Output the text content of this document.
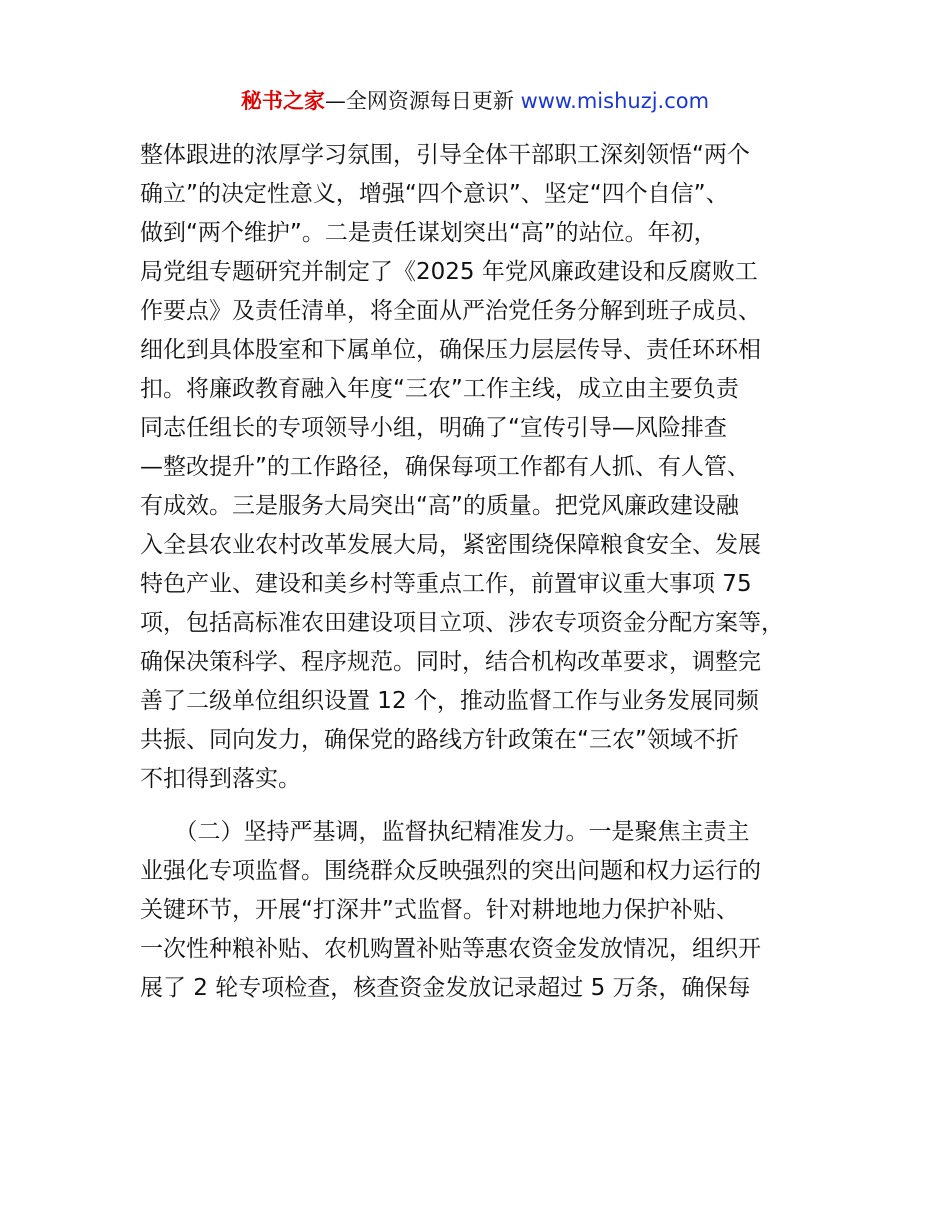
秘书之家—全网资源每日更新 www.mishuzj.com
整体跟进的浓厚学习氛围，引导全体干部职工深刻领悟“两个
确立”的决定性意义，增强“四个意识”、坚定“四个自信”、
做到“两个维护”。二是责任谋划突出“高”的站位。年初，
局党组专题研究并制定了《2025 年党风廉政建设和反腐败工
作要点》及责任清单，将全面从严治党任务分解到班子成员、
细化到具体股室和下属单位，确保压力层层传导、责任环环相
扣。将廉政教育融入年度“三农”工作主线，成立由主要负责
同志任组长的专项领导小组，明确了“宣传引导—风险排查
—整改提升”的工作路径，确保每项工作都有人抓、有人管、
有成效。三是服务大局突出“高”的质量。把党风廉政建设融
入全县农业农村改革发展大局，紧密围绕保障粮食安全、发展
特色产业、建设和美乡村等重点工作，前置审议重大事项 75
项，包括高标准农田建设项目立项、涉农专项资金分配方案等，
确保决策科学、程序规范。同时，结合机构改革要求，调整完
善了二级单位组织设置 12 个，推动监督工作与业务发展同频
共振、同向发力，确保党的路线方针政策在“三农”领域不折
不扣得到落实。
　　（二）坚持严基调，监督执纪精准发力。一是聚焦主责主
业强化专项监督。围绕群众反映强烈的突出问题和权力运行的
关键环节，开展“打深井”式监督。针对耕地地力保护补贴、
一次性种粮补贴、农机购置补贴等惠农资金发放情况，组织开
展了 2 轮专项检查，核查资金发放记录超过 5 万条，确保每
